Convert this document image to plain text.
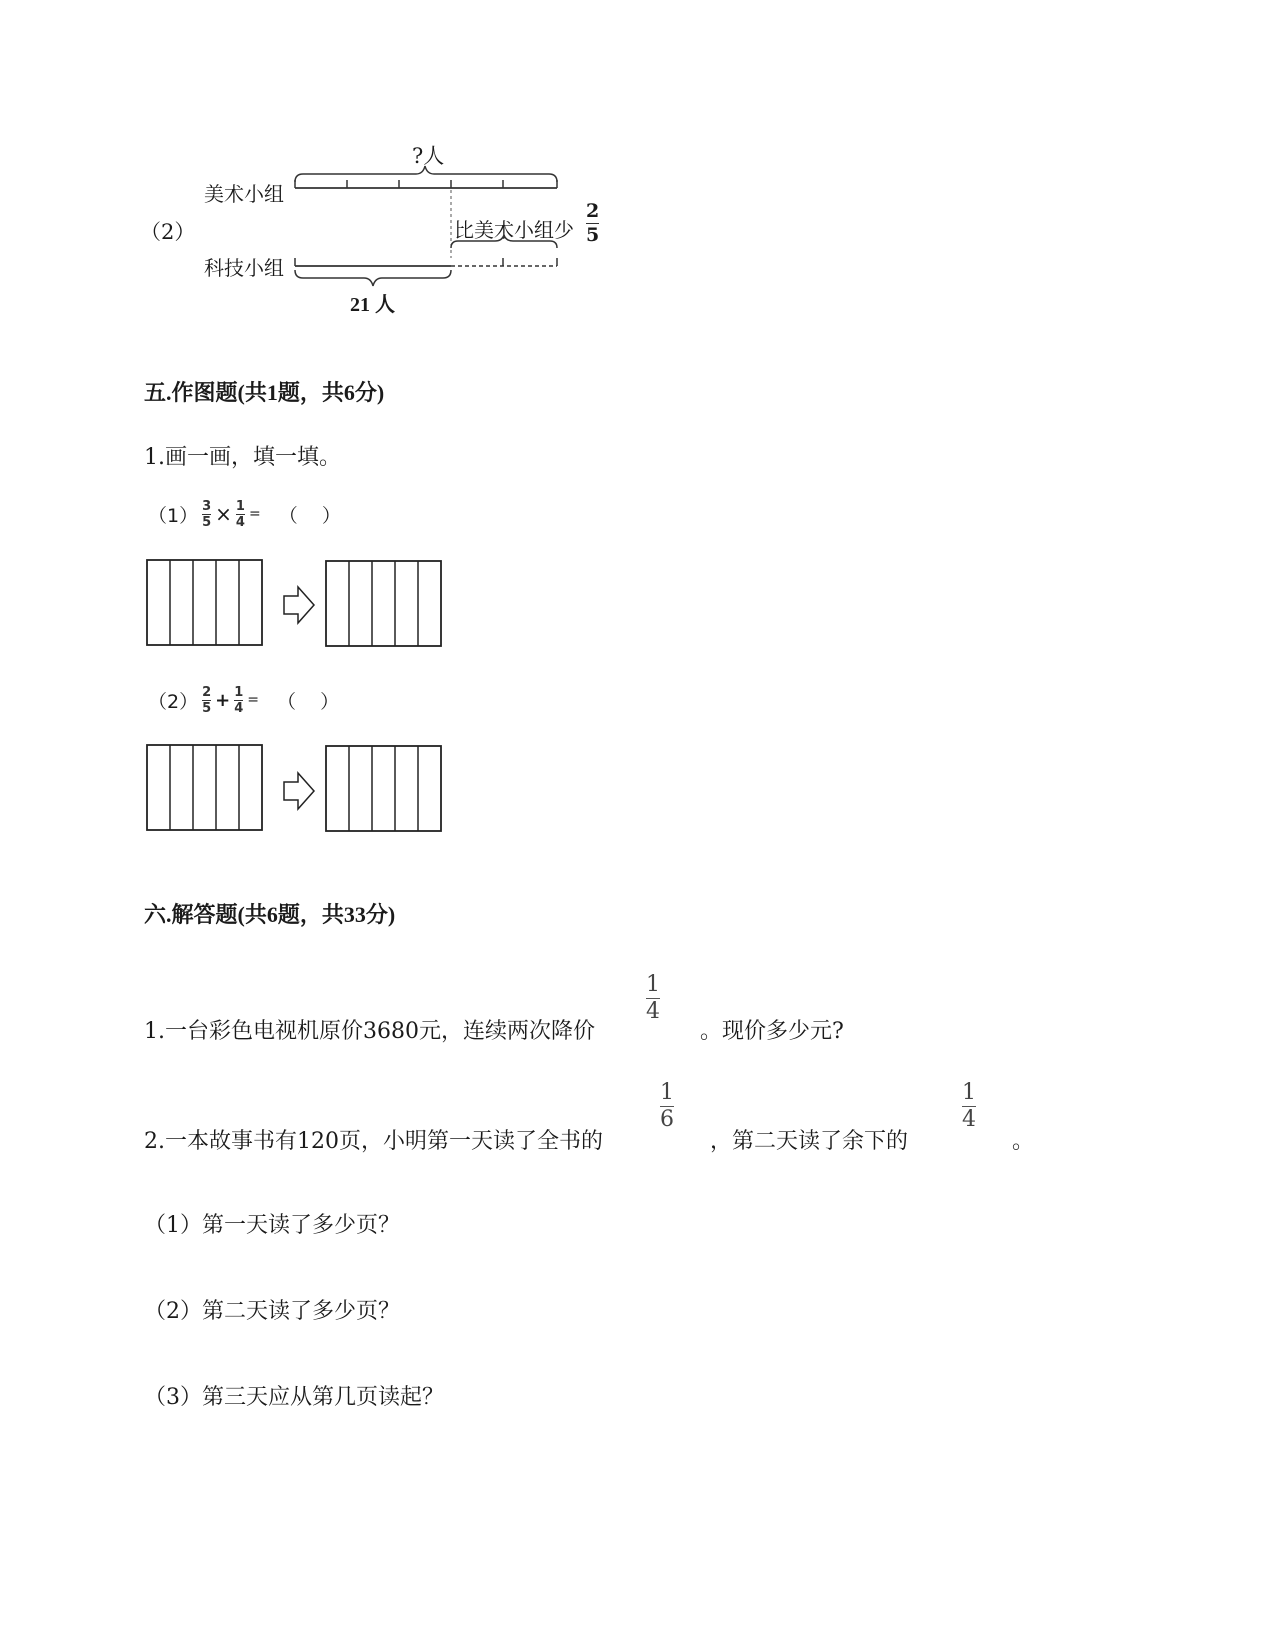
（2）
?人
美术小组
科技小组
比美术小组少
2
5
21 人
五.作图题(共1题，共6分)
1.画一画，填一填。
（1） 3
5 × 1
4 = （    ）
（2） 2
5 + 1
4 = （    ）
六.解答题(共6题，共33分)
1.一台彩色电视机原价3680元，连续两次降价
1
4
。现价多少元?
2.一本故事书有120页，小明第一天读了全书的
1
6
，第二天读了余下的
1
4
。
（1）第一天读了多少页？
（2）第二天读了多少页？
（3）第三天应从第几页读起？
